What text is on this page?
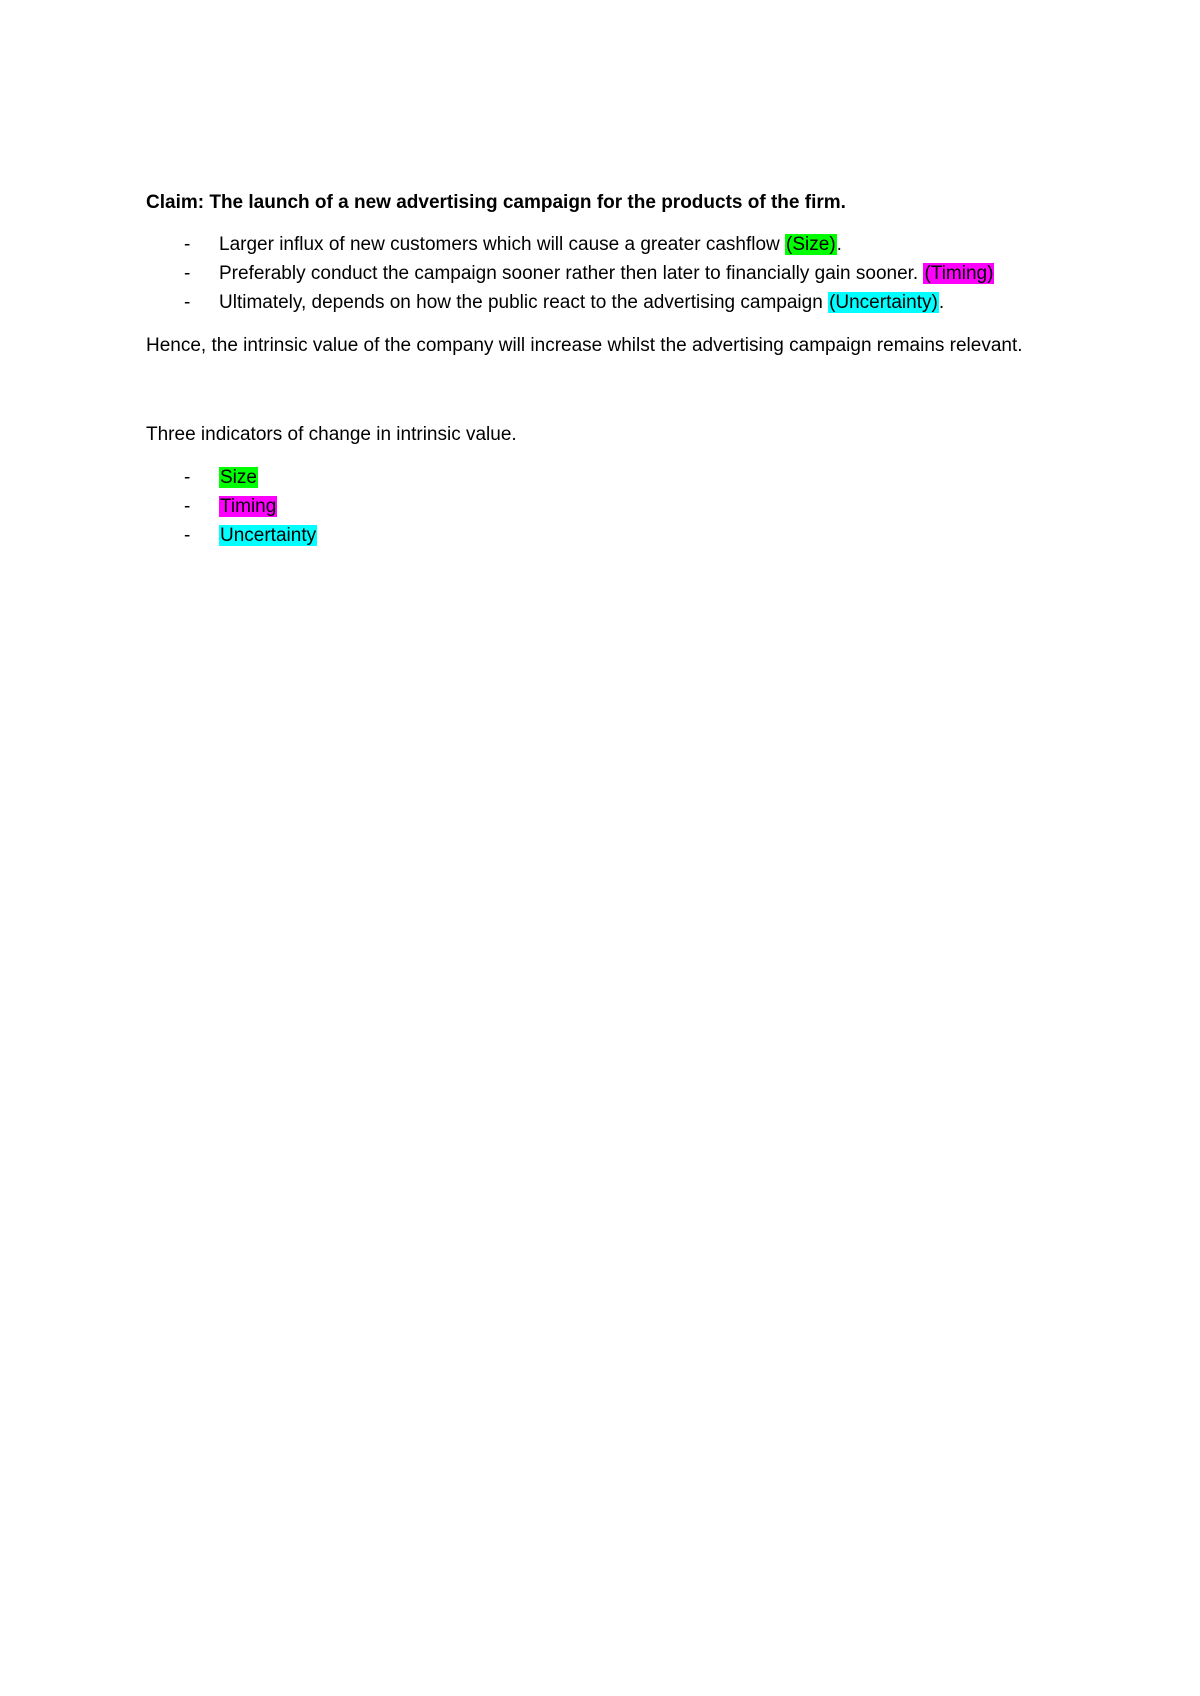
Claim: The launch of a new advertising campaign for the products of the firm.

- Larger influx of new customers which will cause a greater cashflow (Size).
- Preferably conduct the campaign sooner rather then later to financially gain sooner. (Timing)
- Ultimately, depends on how the public react to the advertising campaign (Uncertainty).

Hence, the intrinsic value of the company will increase whilst the advertising campaign remains relevant.

Three indicators of change in intrinsic value.

- Size
- Timing
- Uncertainty
